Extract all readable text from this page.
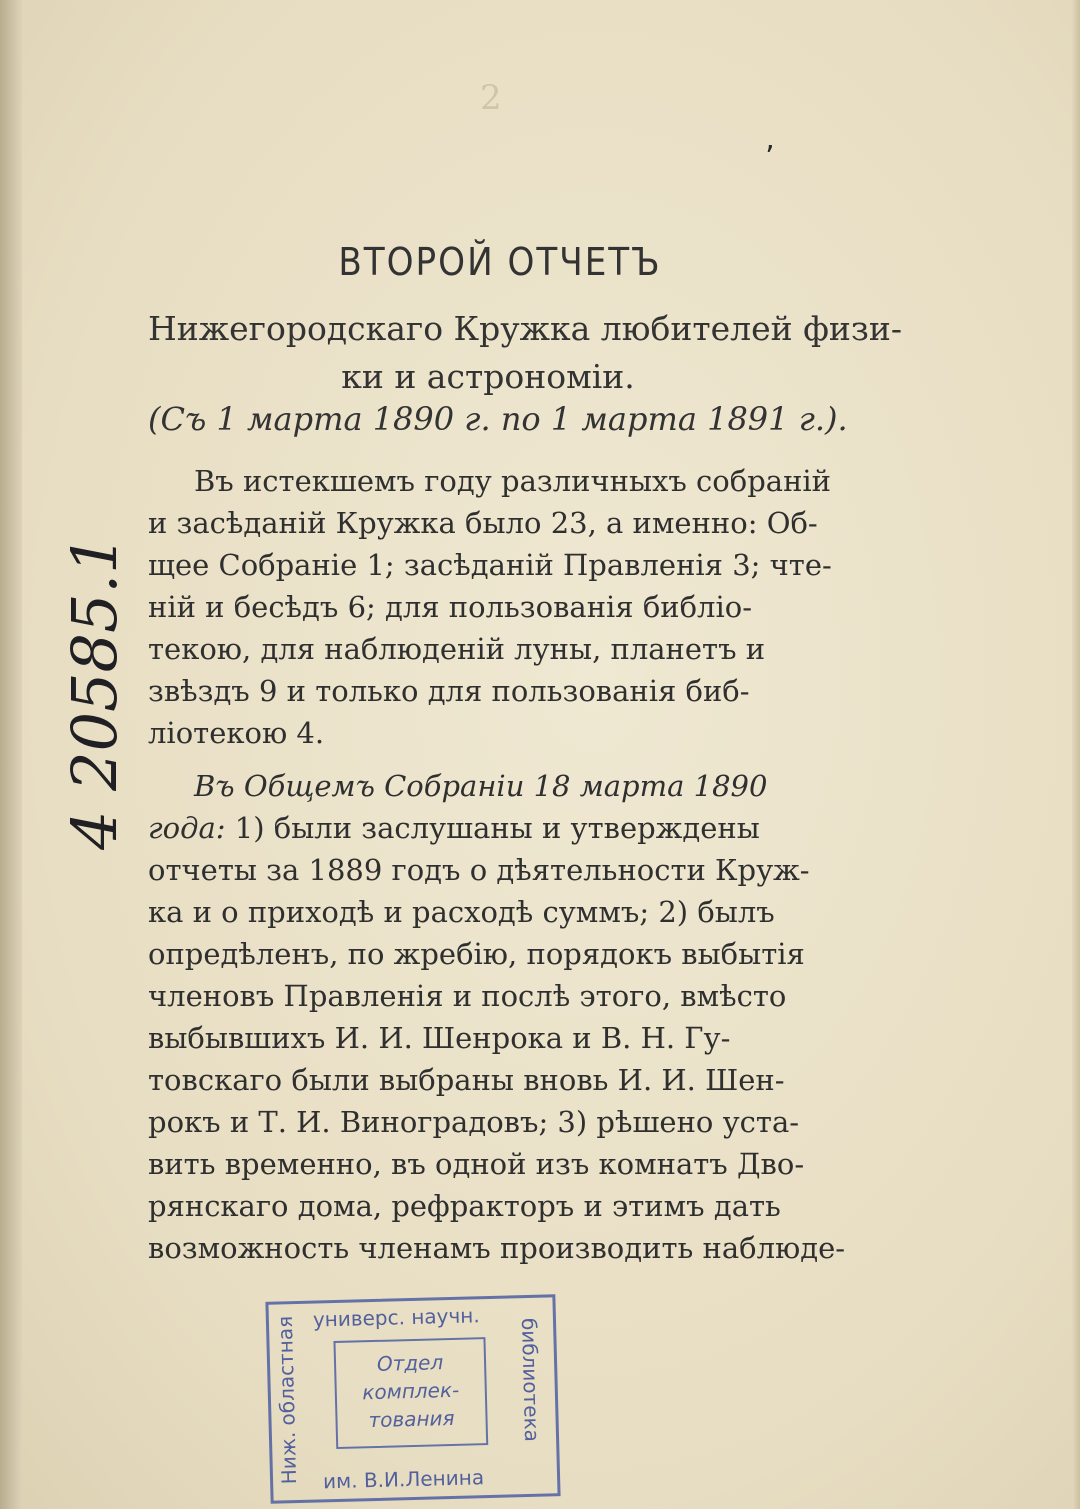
2
’
ВТОРОЙ ОТЧЕТЪ
Нижегородскаго Кружка любителей физи-
ки и астрономіи.
(Съ 1 марта 1890 г. по 1 марта 1891 г.).
Въ истекшемъ году различныхъ собраній
и засѣданій Кружка было 23, а именно: Об-
щее Собраніе 1; засѣданій Правленія 3; чте-
ній и бесѣдъ 6; для пользованія библіо-
текою, для наблюденій луны, планетъ и
звѣздъ 9 и только для пользованія биб-
ліотекою 4.
Въ Общемъ Собраніи 18 марта 1890
года: 1) были заслушаны и утверждены
отчеты за 1889 годъ о дѣятельности Круж-
ка и о приходѣ и расходѣ суммъ; 2) былъ
опредѣленъ, по жребію, порядокъ выбытія
членовъ Правленія и послѣ этого, вмѣсто
выбывшихъ И. И. Шенрока и В. Н. Гу-
товскаго были выбраны вновь И. И. Шен-
рокъ и Т. И. Виноградовъ; 3) рѣшено уста-
вить временно, въ одной изъ комнатъ Дво-
рянскаго дома, рефракторъ и этимъ дать
возможность членамъ производить наблюде-
4 20585.1
универс. научн.
Ниж. областная	библиотека
Отдел
комплек-
тования
им. В.И.Ленина
